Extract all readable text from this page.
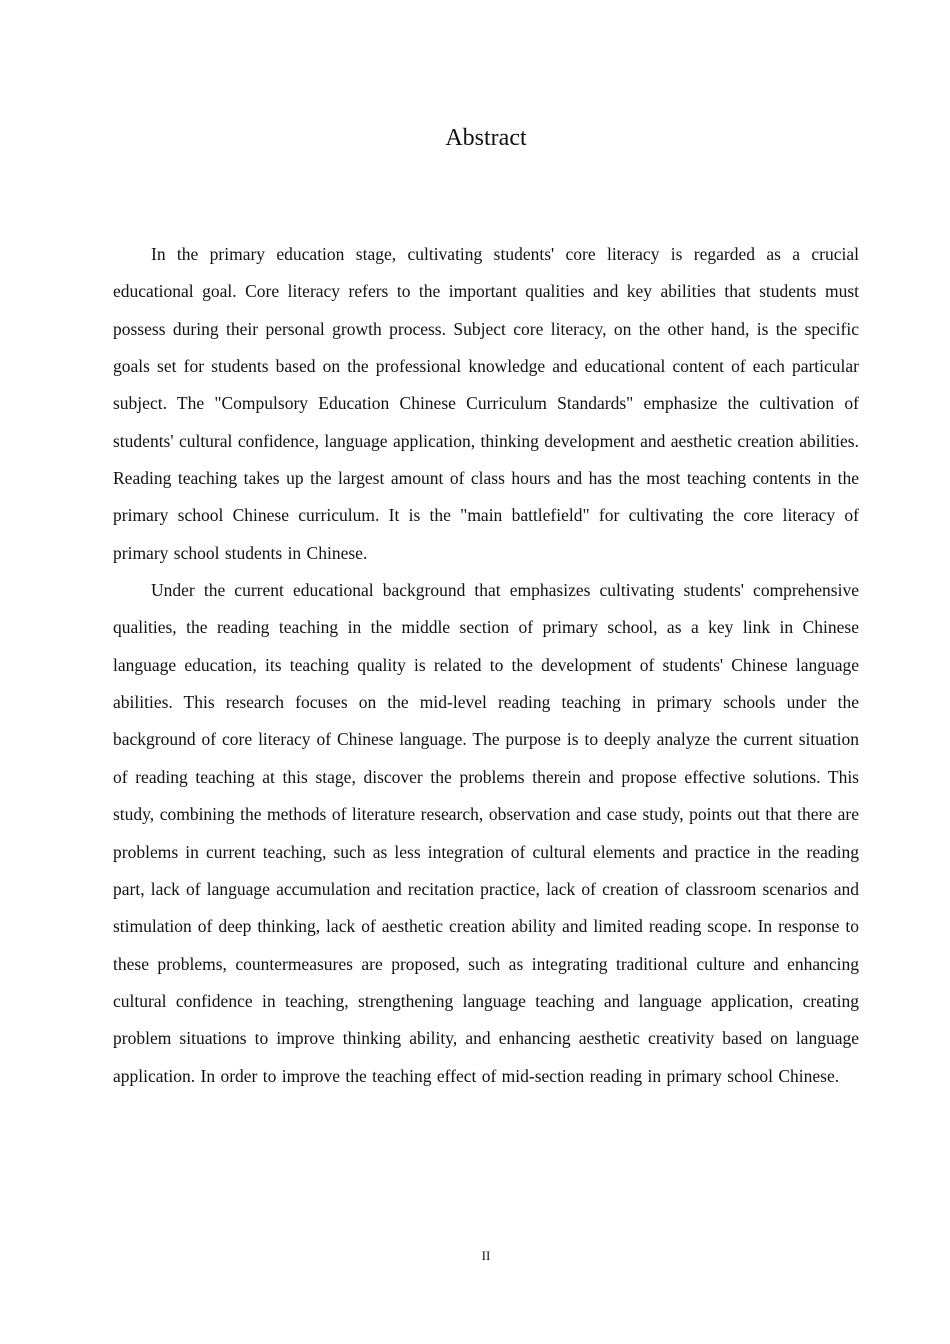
Abstract

In the primary education stage, cultivating students' core literacy is regarded as a crucial educational goal. Core literacy refers to the important qualities and key abilities that students must possess during their personal growth process. Subject core literacy, on the other hand, is the specific goals set for students based on the professional knowledge and educational content of each particular subject. The "Compulsory Education Chinese Curriculum Standards" emphasize the cultivation of students' cultural confidence, language application, thinking development and aesthetic creation abilities. Reading teaching takes up the largest amount of class hours and has the most teaching contents in the primary school Chinese curriculum. It is the "main battlefield" for cultivating the core literacy of primary school students in Chinese.

Under the current educational background that emphasizes cultivating students' comprehensive qualities, the reading teaching in the middle section of primary school, as a key link in Chinese language education, its teaching quality is related to the development of students' Chinese language abilities. This research focuses on the mid-level reading teaching in primary schools under the background of core literacy of Chinese language. The purpose is to deeply analyze the current situation of reading teaching at this stage, discover the problems therein and propose effective solutions. This study, combining the methods of literature research, observation and case study, points out that there are problems in current teaching, such as less integration of cultural elements and practice in the reading part, lack of language accumulation and recitation practice, lack of creation of classroom scenarios and stimulation of deep thinking, lack of aesthetic creation ability and limited reading scope. In response to these problems, countermeasures are proposed, such as integrating traditional culture and enhancing cultural confidence in teaching, strengthening language teaching and language application, creating problem situations to improve thinking ability, and enhancing aesthetic creativity based on language application. In order to improve the teaching effect of mid-section reading in primary school Chinese.

II
